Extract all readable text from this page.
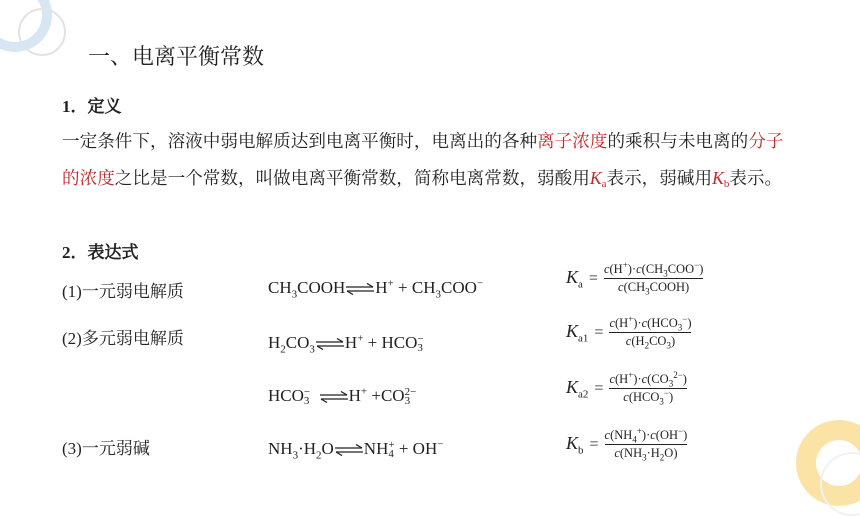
一、电离平衡常数
1．定义
一定条件下，溶液中弱电解质达到电离平衡时，电离出的各种离子浓度的乘积与未电离的分子的浓度之比是一个常数，叫做电离平衡常数，简称电离常数，弱酸用Ka表示，弱碱用Kb表示。
2．表达式
(1)一元弱电解质
(2)多元弱电解质
(3)一元弱碱
$CH_3COOH\rightleftharpoons H^+ + CH_3COO^-$
$H_2CO_3\rightleftharpoons H^+$ + HCO −
3
HCO −
3 ⇌H+ +CO 2−
3
$NH_3\cdot H_2O\rightleftharpoons NH$ +
4 + OH−
$K_a = \frac{c(H^+)\cdot c(CH_3COO^-)}{c(CH_3COOH)}$
$K_{a1} = \frac{c(H^+)\cdot c(HCO_3^-)}{c(H_2CO_3)}$
$K_{a2} = \frac{c(H^+)\cdot c(CO_3^{2-})}{c(HCO_3^-)}$
$K_b = \frac{c(NH_4^+)\cdot c(OH^-)}{c(NH_3\cdot H_2O)}$
